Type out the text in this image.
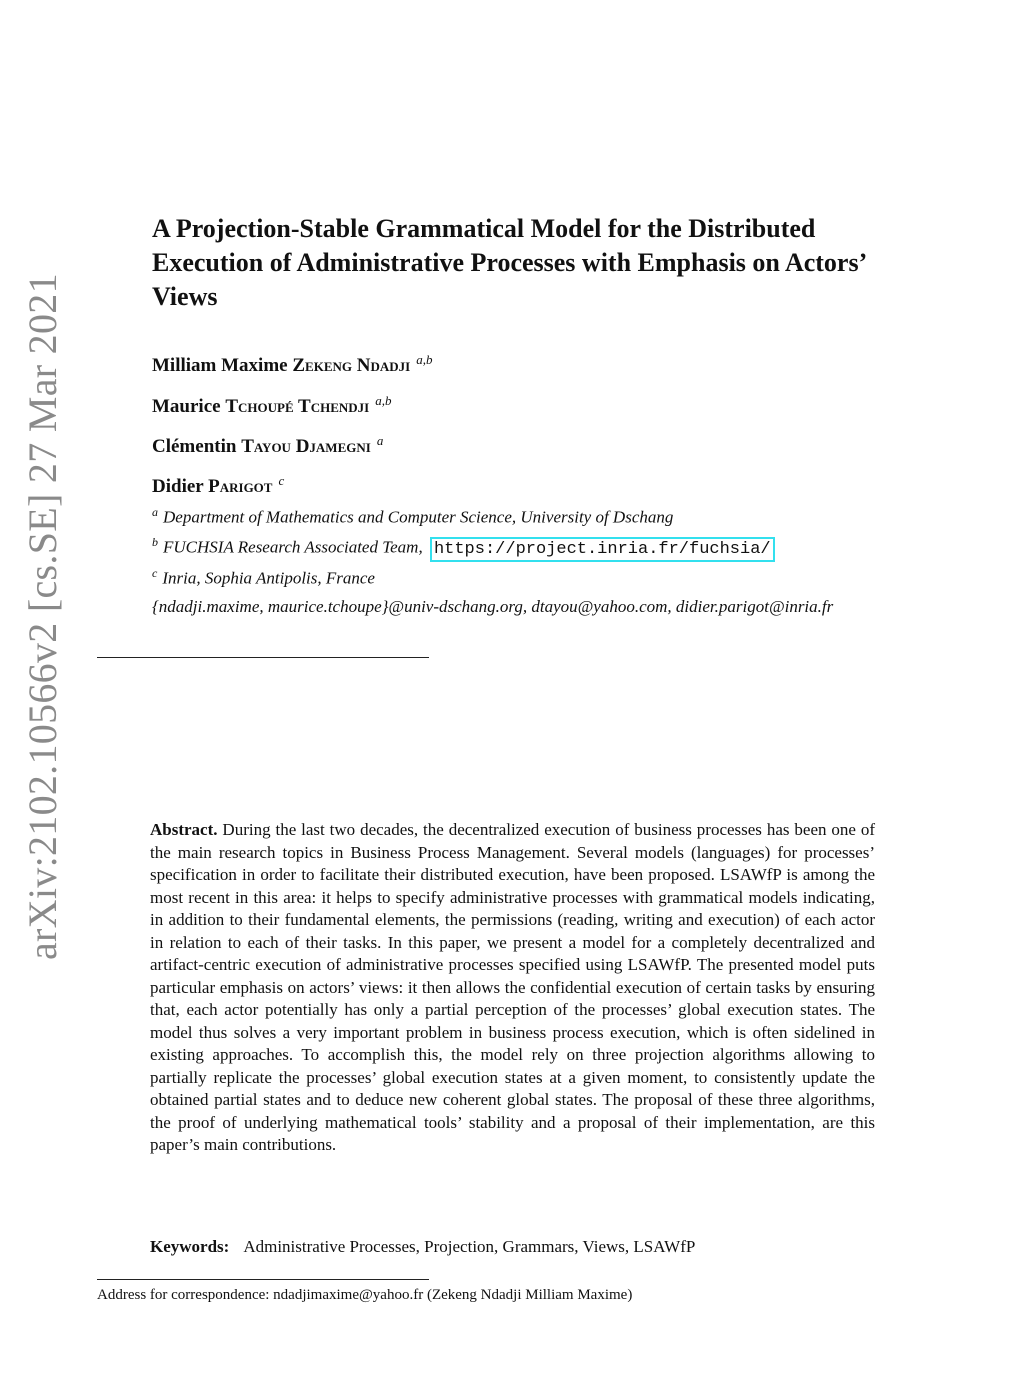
arXiv:2102.10566v2 [cs.SE] 27 Mar 2021
A Projection-Stable Grammatical Model for the Distributed Execution of Administrative Processes with Emphasis on Actors’ Views
Milliam Maxime Zekeng Ndadji $^{a,b}$
Maurice Tchoupé Tchendji $^{a,b}$
Clémentin Tayou Djamegni $^a$
Didier Parigot $^c$
$^a$ Department of Mathematics and Computer Science, University of Dschang
$^b$ FUCHSIA Research Associated Team, https://project.inria.fr/fuchsia/
$^c$ Inria, Sophia Antipolis, France
{ndadji.maxime, maurice.tchoupe}@univ-dschang.org, dtayou@yahoo.com, didier.parigot@inria.fr

Abstract. During the last two decades, the decentralized execution of business processes has been one of the main research topics in Business Process Management. Several models (languages) for processes’ specification in order to facilitate their distributed execution, have been proposed. LSAWfP is among the most recent in this area: it helps to specify administrative processes with grammatical models indicating, in addition to their fundamental elements, the permissions (reading, writing and execution) of each actor in relation to each of their tasks. In this paper, we present a model for a completely decentralized and artifact-centric execution of administrative processes specified using LSAWfP. The presented model puts particular emphasis on actors’ views: it then allows the confidential execution of certain tasks by ensuring that, each actor potentially has only a partial perception of the processes’ global execution states. The model thus solves a very important problem in business process execution, which is often sidelined in existing approaches. To accomplish this, the model rely on three projection algorithms allowing to partially replicate the processes’ global execution states at a given moment, to consistently update the obtained partial states and to deduce new coherent global states. The proposal of these three algorithms, the proof of underlying mathematical tools’ stability and a proposal of their implementation, are this paper’s main contributions.

Keywords: Administrative Processes, Projection, Grammars, Views, LSAWfP
Address for correspondence: ndadjimaxime@yahoo.fr (Zekeng Ndadji Milliam Maxime)
